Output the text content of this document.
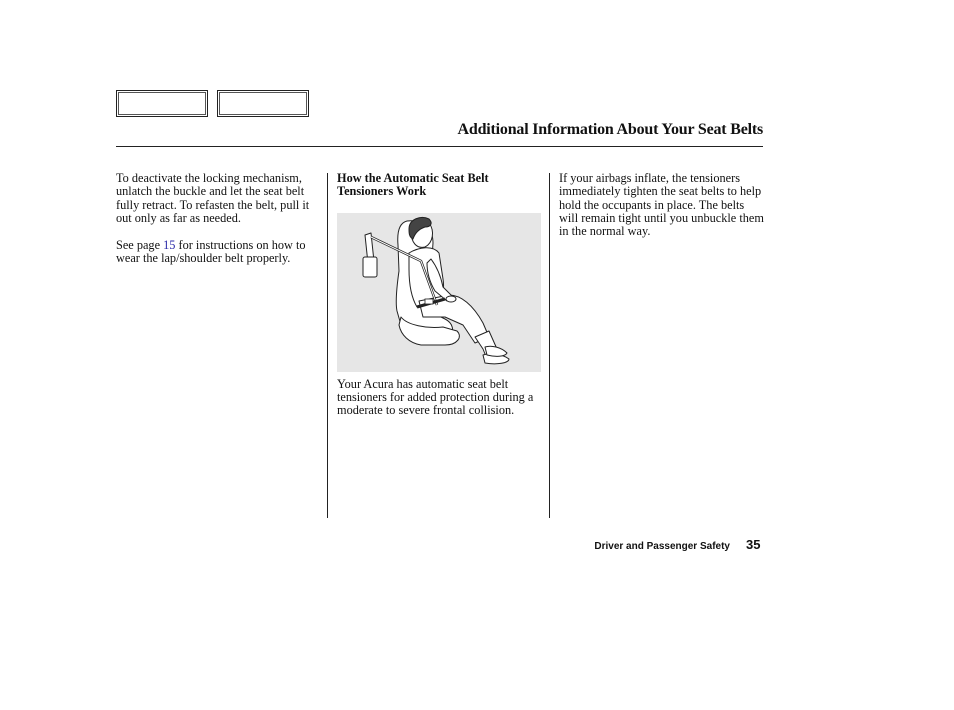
Additional Information About Your Seat Belts

To deactivate the locking mechanism, unlatch the buckle and let the seat belt fully retract. To refasten the belt, pull it out only as far as needed.

See page 15 for instructions on how to wear the lap/shoulder belt properly.

How the Automatic Seat Belt Tensioners Work

Your Acura has automatic seat belt tensioners for added protection during a moderate to severe frontal collision.

If your airbags inflate, the tensioners immediately tighten the seat belts to help hold the occupants in place. The belts will remain tight until you unbuckle them in the normal way.

Driver and Passenger Safety 35
